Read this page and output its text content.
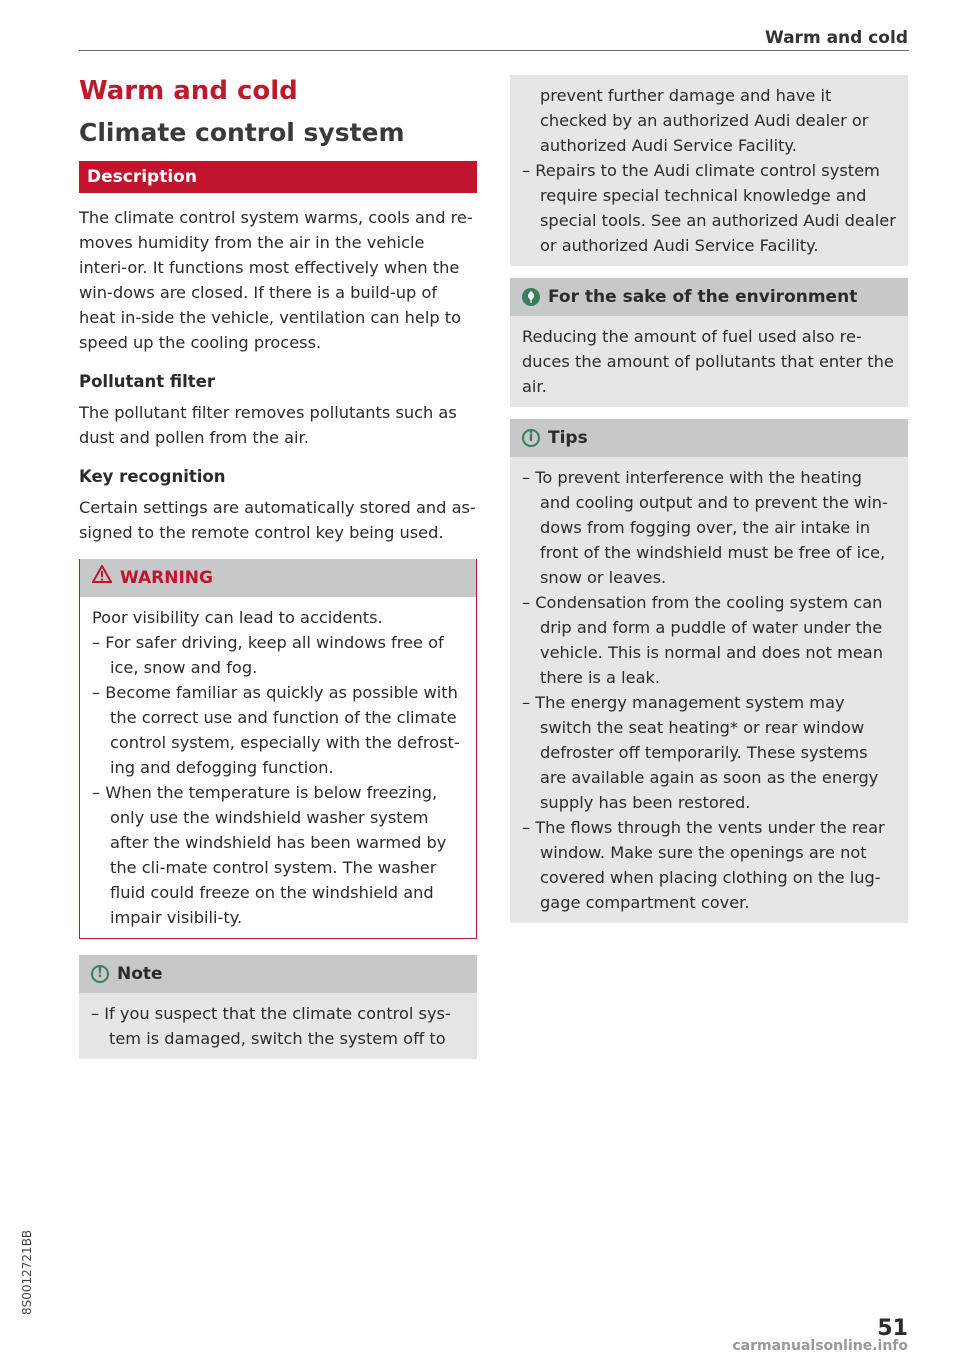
Warm and cold
Warm and cold
Climate control system
Description

The climate control system warms, cools and re-moves humidity from the air in the vehicle interi-or. It functions most effectively when the win-dows are closed. If there is a build-up of heat in-side the vehicle, ventilation can help to speed up the cooling process.

Pollutant filter

The pollutant filter removes pollutants such as dust and pollen from the air.

Key recognition

Certain settings are automatically stored and as-signed to the remote control key being used.

WARNING

Poor visibility can lead to accidents.

– For safer driving, keep all windows free of ice, snow and fog.
– Become familiar as quickly as possible with the correct use and function of the climate control system, especially with the defrost-ing and defogging function.
– When the temperature is below freezing, only use the windshield washer system after the windshield has been warmed by the cli-mate control system. The washer fluid could freeze on the windshield and impair visibili-ty.
! Note
– If you suspect that the climate control sys-tem is damaged, switch the system off to

prevent further damage and have it checked by an authorized Audi dealer or authorized Audi Service Facility.

– Repairs to the Audi climate control system require special technical knowledge and special tools. See an authorized Audi dealer or authorized Audi Service Facility.
For the sake of the environment

Reducing the amount of fuel used also re-duces the amount of pollutants that enter the air.

i Tips
– To prevent interference with the heating and cooling output and to prevent the win-dows from fogging over, the air intake in front of the windshield must be free of ice, snow or leaves.
– Condensation from the cooling system can drip and form a puddle of water under the vehicle. This is normal and does not mean there is a leak.
– The energy management system may switch the seat heating* or rear window defroster off temporarily. These systems are available again as soon as the energy supply has been restored.
– The flows through the vents under the rear window. Make sure the openings are not covered when placing clothing on the lug-gage compartment cover.
8S0012721BB
51
carmanualsonline.info
